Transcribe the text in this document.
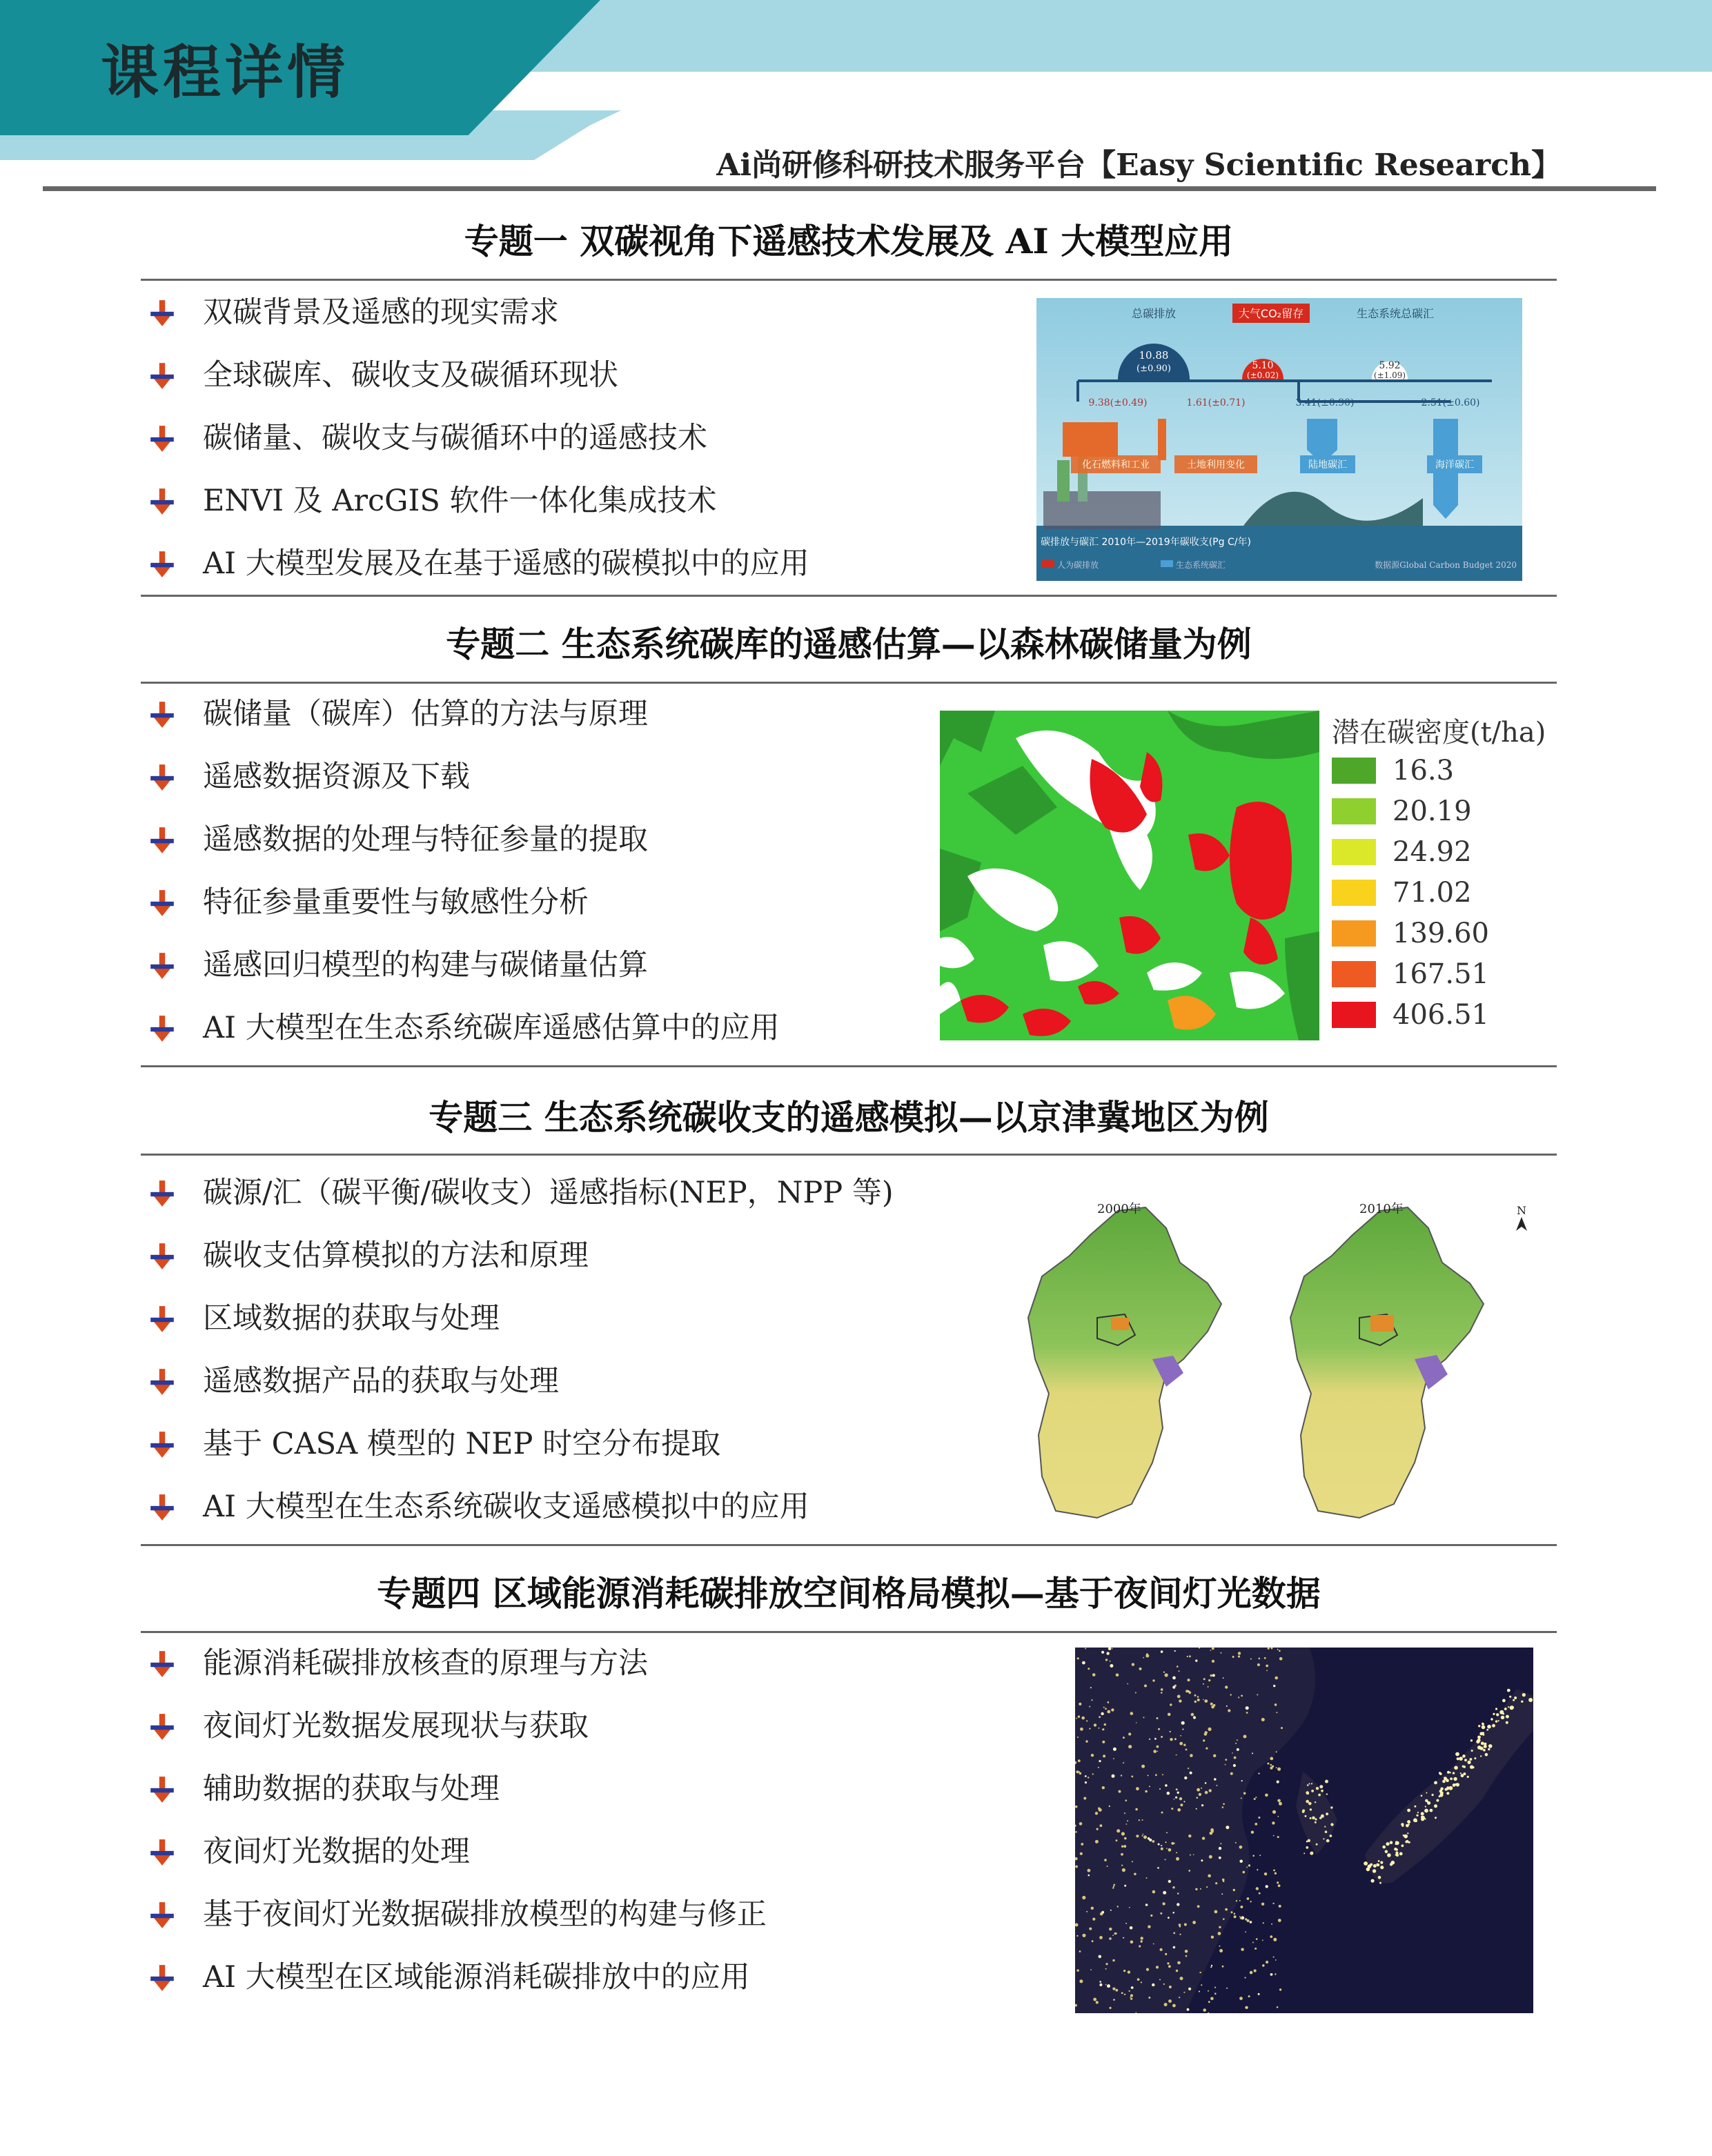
课程详情
Ai尚研修科研技术服务平台【Easy Scientific Research】
专题一 双碳视角下遥感技术发展及 AI 大模型应用
双碳背景及遥感的现实需求
全球碳库、碳收支及碳循环现状
碳储量、碳收支与碳循环中的遥感技术
ENVI 及 ArcGIS 软件一体化集成技术
AI 大模型发展及在基于遥感的碳模拟中的应用
总碳排放	大气CO₂留存	生态系统总碳汇
10.88
(±0.90)	5.10
(±0.02)
5.92
(±1.09)
9.38(±0.49)	1.61(±0.71)	3.41(±0.90)	2.51(±0.60)
化石燃料和工业	土地利用变化	陆地碳汇	海洋碳汇
碳排放与碳汇 2010年—2019年碳收支(Pg C/年)
人为碳排放	生态系统碳汇	数据源Global Carbon Budget 2020
专题二 生态系统碳库的遥感估算—以森林碳储量为例
碳储量（碳库）估算的方法与原理
遥感数据资源及下载
遥感数据的处理与特征参量的提取
特征参量重要性与敏感性分析
遥感回归模型的构建与碳储量估算
AI 大模型在生态系统碳库遥感估算中的应用
潜在碳密度(t/ha)
16.3
20.19
24.92
71.02
139.60
167.51
406.51
专题三 生态系统碳收支的遥感模拟—以京津冀地区为例
碳源/汇（碳平衡/碳收支）遥感指标(NEP，NPP 等)
碳收支估算模拟的方法和原理
区域数据的获取与处理
遥感数据产品的获取与处理
基于 CASA 模型的 NEP 时空分布提取
AI 大模型在生态系统碳收支遥感模拟中的应用
2000年	2010年	N
专题四 区域能源消耗碳排放空间格局模拟—基于夜间灯光数据
能源消耗碳排放核查的原理与方法
夜间灯光数据发展现状与获取
辅助数据的获取与处理
夜间灯光数据的处理
基于夜间灯光数据碳排放模型的构建与修正
AI 大模型在区域能源消耗碳排放中的应用
